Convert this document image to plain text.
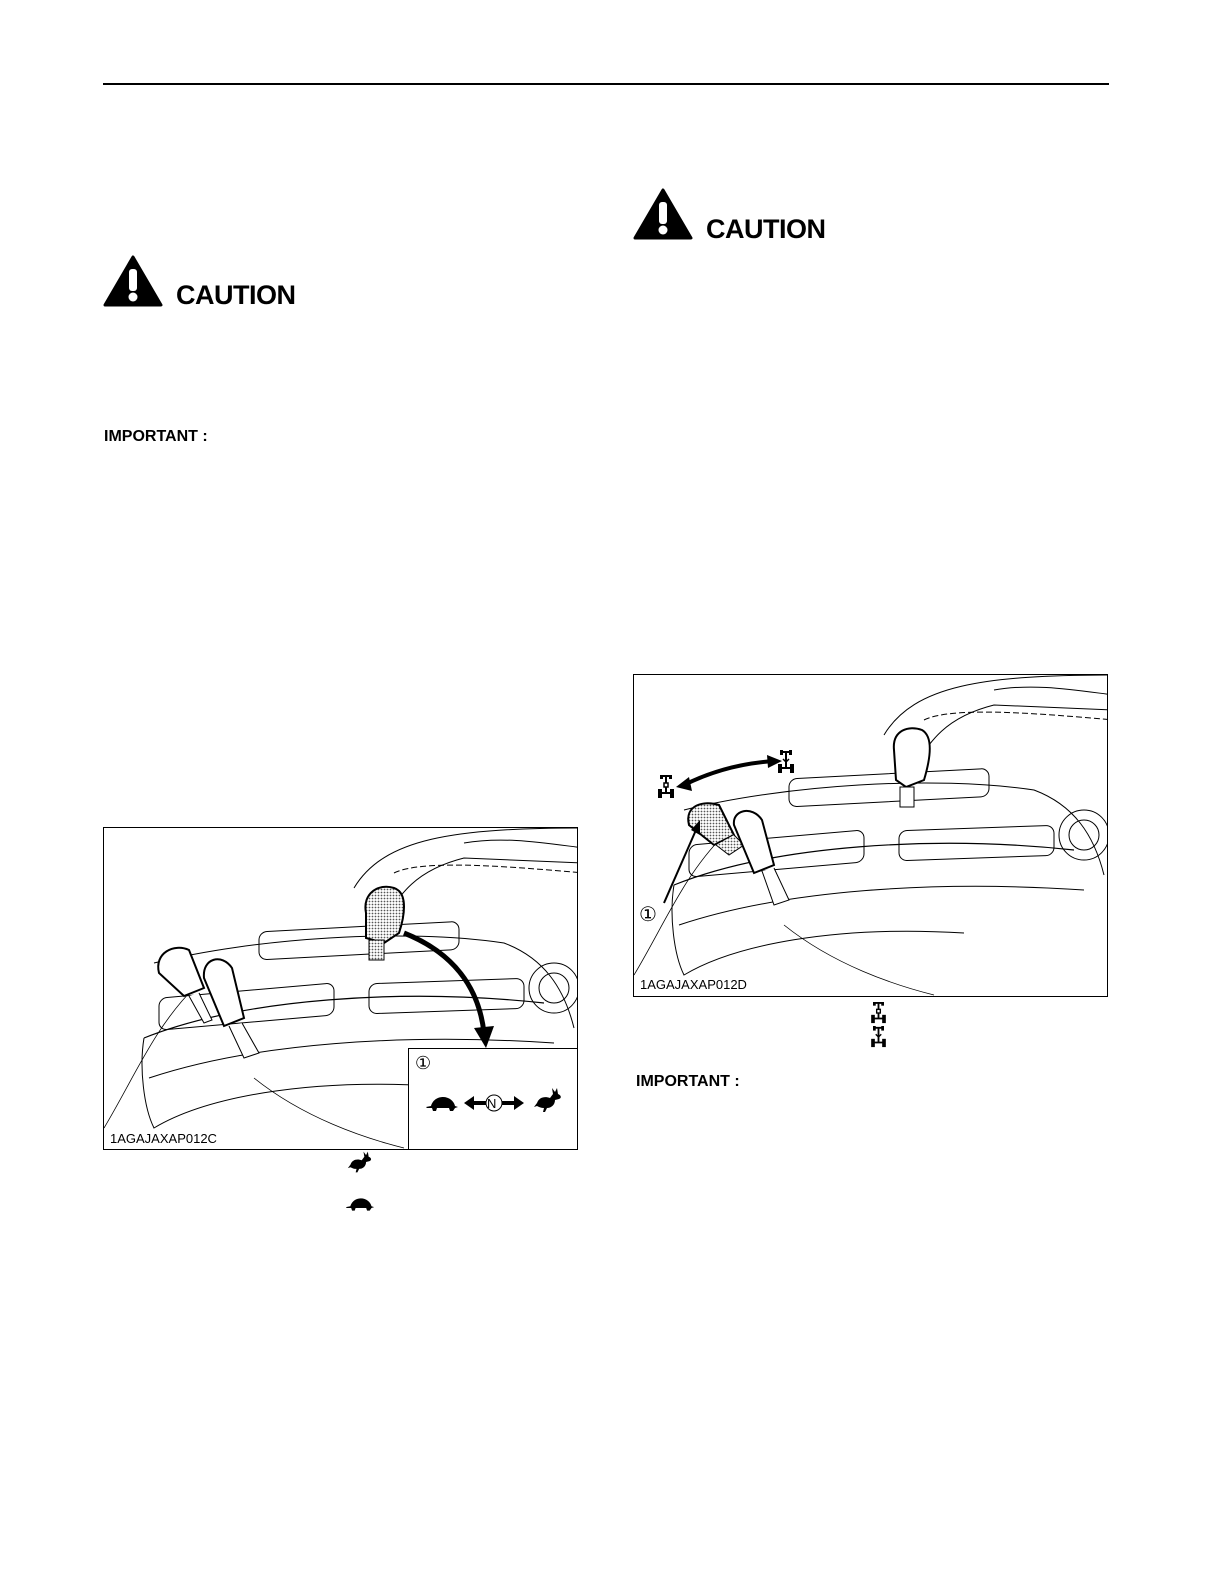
CAUTION
IMPORTANT :
1AGAJAXAP012C
①
N
CAUTION
①
1AGAJAXAP012D
IMPORTANT :
